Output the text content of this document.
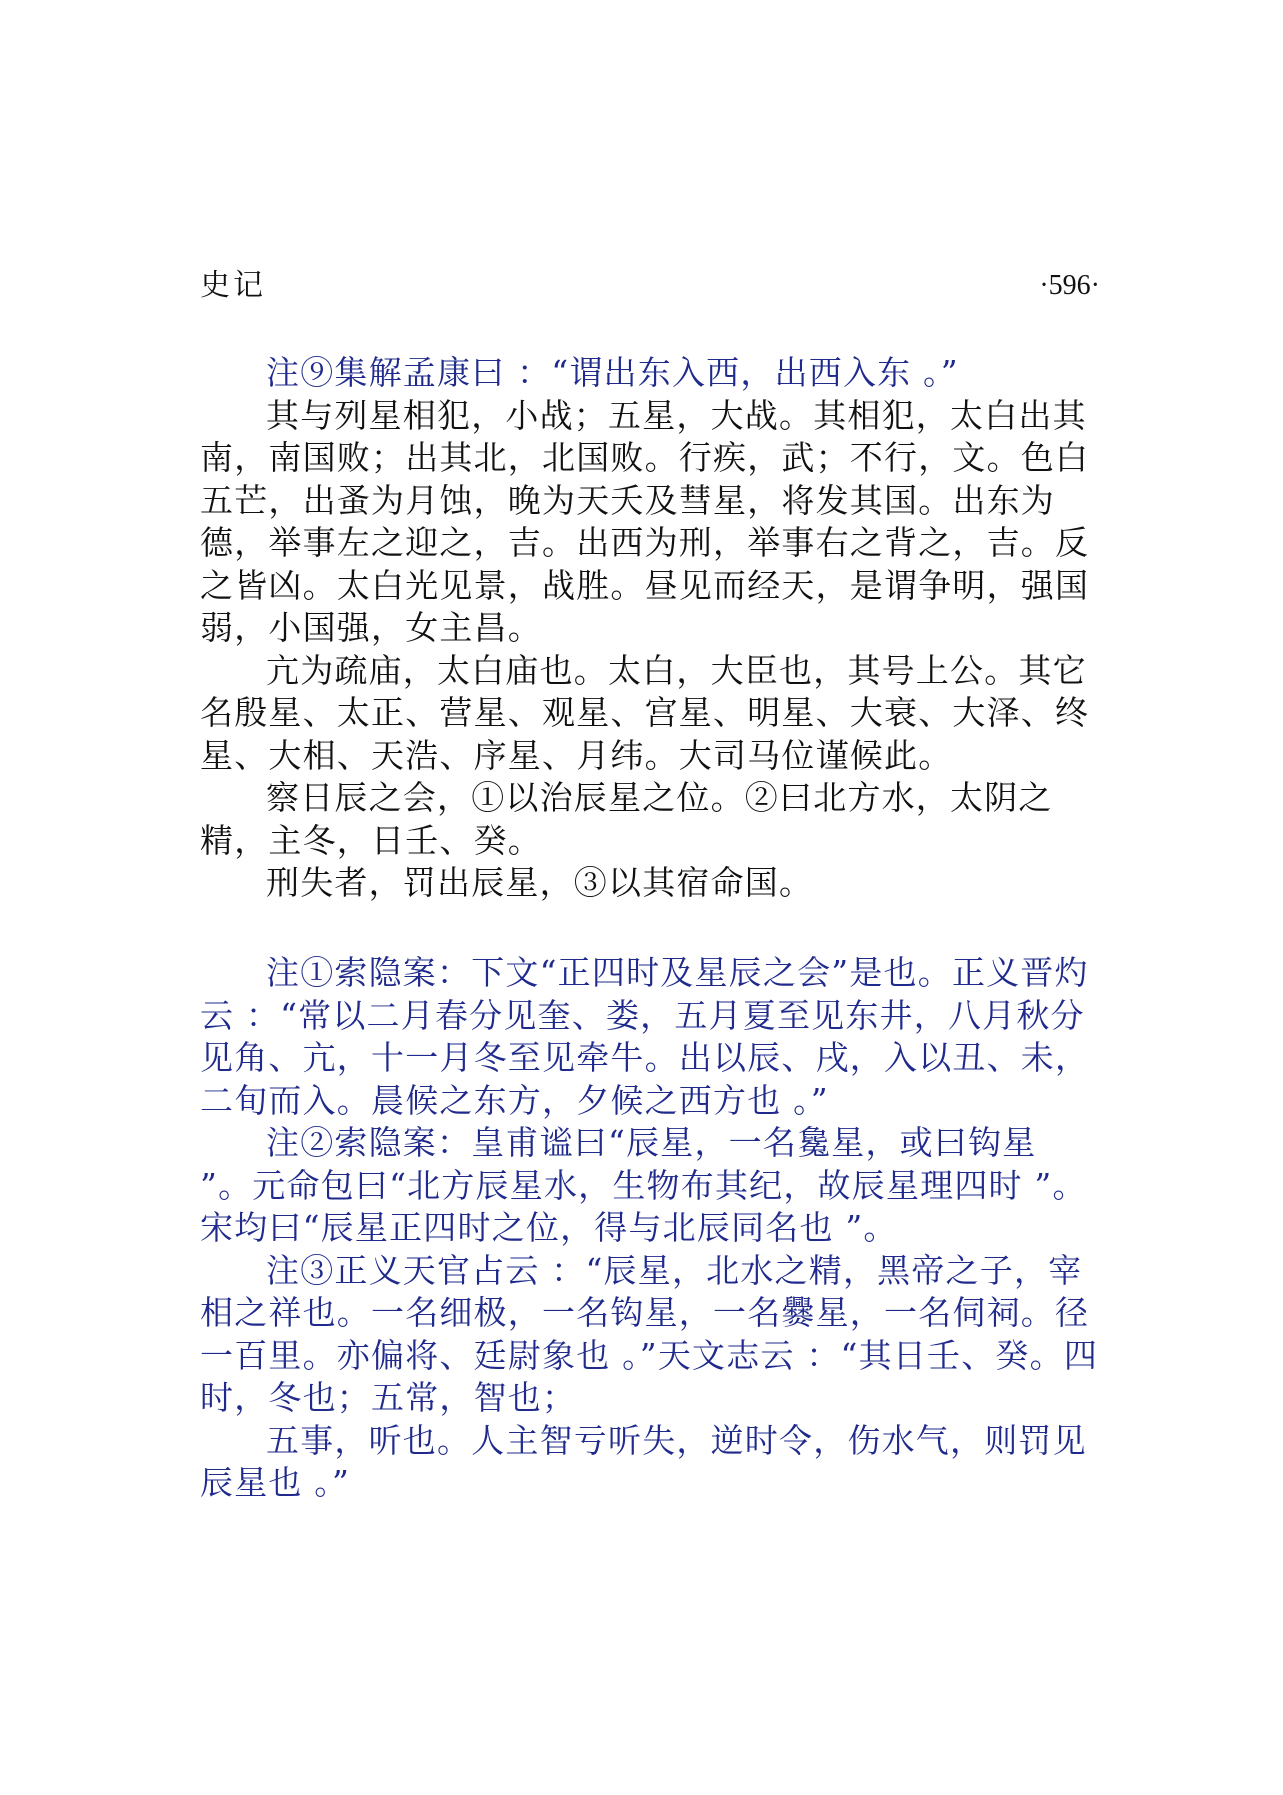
史记	·596·

注⑨集解孟康曰 ：“谓出东入西，出西入东 。”

其与列星相犯，小战；五星，大战。其相犯，太白出其南，南国败；出其北，北国败。行疾，武；不行，文。色白五芒，出蚤为月蚀，晚为天夭及彗星，将发其国。出东为德，举事左之迎之，吉。出西为刑，举事右之背之，吉。反之皆凶。太白光见景，战胜。昼见而经天，是谓争明，强国弱，小国强，女主昌。

亢为疏庙，太白庙也。太白，大臣也，其号上公。其它名殷星、太正、营星、观星、宫星、明星、大衰、大泽、终星、大相、天浩、序星、月纬。大司马位谨候此。

察日辰之会，①以治辰星之位。②曰北方水，太阴之精，主冬，日壬、癸。

刑失者，罚出辰星，③以其宿命国。

注①索隐案：下文“正四时及星辰之会”是也。正义晋灼云 ：“常以二月春分见奎、娄，五月夏至见东井，八月秋分见角、亢，十一月冬至见牵牛。出以辰、戌，入以丑、未，二旬而入。晨候之东方，夕候之西方也 。”

注②索隐案：皇甫谧曰“辰星，一名毚星，或曰钩星 ”。元命包曰“北方辰星水，生物布其纪，故辰星理四时 ”。宋均曰“辰星正四时之位，得与北辰同名也 ”。

注③正义天官占云 ：“辰星，北水之精，黑帝之子，宰相之祥也。一名细极，一名钩星，一名爨星，一名伺祠。径一百里。亦偏将、廷尉象也 。”天文志云 ：“其日壬、癸。四时，冬也；五常，智也；

五事，听也。人主智亏听失，逆时令，伤水气，则罚见辰星也 。”
